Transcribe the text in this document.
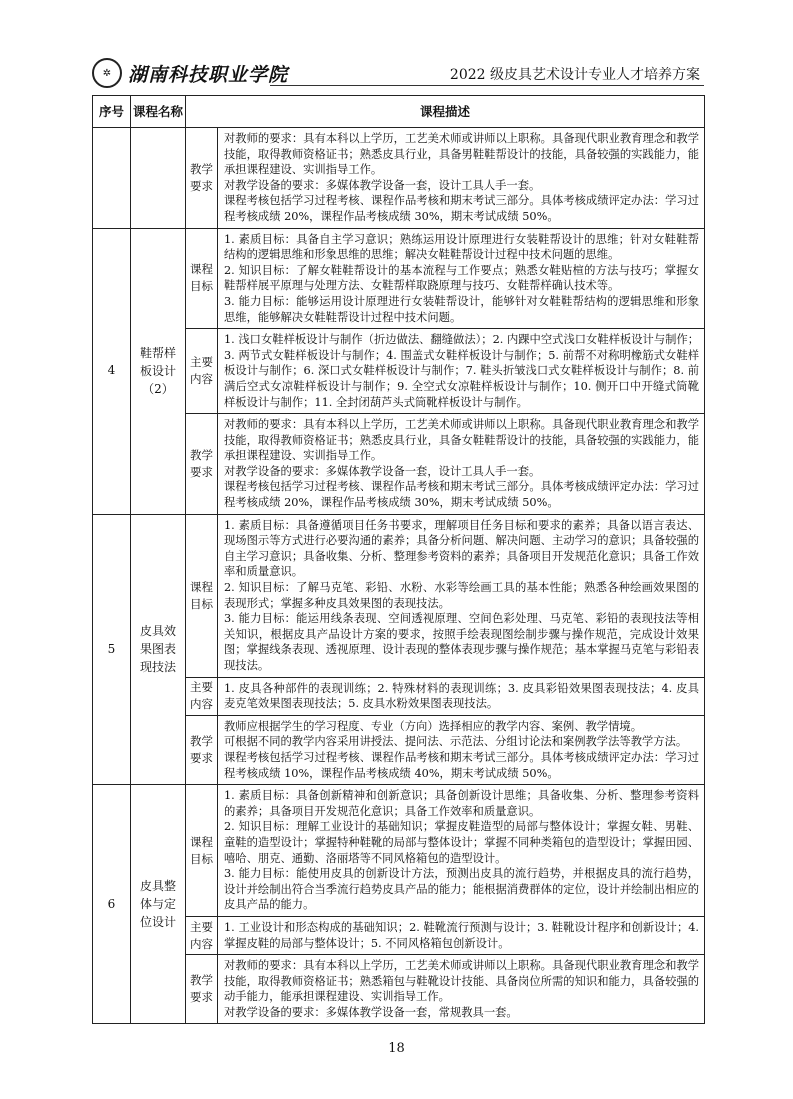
✲ 湖南科技职业学院	2022 级皮具艺术设计专业人才培养方案
序号	课程名称	课程描述	
		教学要求	对教师的要求：具有本科以上学历，工艺美术师或讲师以上职称。具备现代职业教育理念和教学技能，取得教师资格证书；熟悉皮具行业，具备男鞋鞋帮设计的技能，具备较强的实践能力，能承担课程建设、实训指导工作。

对教学设备的要求：多媒体教学设备一套，设计工具人手一套。

课程考核包括学习过程考核、课程作品考核和期末考试三部分。具体考核成绩评定办法：学习过程考核成绩 20%，课程作品考核成绩 30%，期末考试成绩 50%。

4	鞋帮样板设计（2）	课程目标	1. 素质目标：具备自主学习意识；熟练运用设计原理进行女装鞋帮设计的思维；针对女鞋鞋帮结构的逻辑思维和形象思维的思维；解决女鞋鞋帮设计过程中技术问题的思维。

2. 知识目标：了解女鞋鞋帮设计的基本流程与工作要点；熟悉女鞋贴楦的方法与技巧；掌握女鞋帮样展平原理与处理方法、女鞋帮样取跷原理与技巧、女鞋帮样确认技术等。

3. 能力目标：能够运用设计原理进行女装鞋帮设计，能够针对女鞋鞋帮结构的逻辑思维和形象思维，能够解决女鞋鞋帮设计过程中技术问题。

		主要内容	1. 浅口女鞋样板设计与制作（折边做法、翻缝做法）；2. 内踝中空式浅口女鞋样板设计与制作；3. 两节式女鞋样板设计与制作；4. 围盖式女鞋样板设计与制作；5. 前帮不对称明橡筋式女鞋样板设计与制作；6. 深口式女鞋样板设计与制作；7. 鞋头折皱浅口式女鞋样板设计与制作；8. 前满后空式女凉鞋样板设计与制作；9. 全空式女凉鞋样板设计与制作；10. 侧开口中开缝式筒靴样板设计与制作；11. 全封闭葫芦头式筒靴样板设计与制作。

		教学要求	对教师的要求：具有本科以上学历，工艺美术师或讲师以上职称。具备现代职业教育理念和教学技能，取得教师资格证书；熟悉皮具行业，具备女鞋鞋帮设计的技能，具备较强的实践能力，能承担课程建设、实训指导工作。

对教学设备的要求：多媒体教学设备一套，设计工具人手一套。

课程考核包括学习过程考核、课程作品考核和期末考试三部分。具体考核成绩评定办法：学习过程考核成绩 20%，课程作品考核成绩 30%，期末考试成绩 50%。

5	皮具效果图表现技法	课程目标	1. 素质目标：具备遵循项目任务书要求，理解项目任务目标和要求的素养；具备以语言表达、现场图示等方式进行必要沟通的素养；具备分析问题、解决问题、主动学习的意识；具备较强的自主学习意识；具备收集、分析、整理参考资料的素养；具备项目开发规范化意识；具备工作效率和质量意识。

2. 知识目标：了解马克笔、彩铅、水粉、水彩等绘画工具的基本性能；熟悉各种绘画效果图的表现形式；掌握多种皮具效果图的表现技法。

3. 能力目标：能运用线条表现、空间透视原理、空间色彩处理、马克笔、彩铅的表现技法等相关知识，根据皮具产品设计方案的要求，按照手绘表现图绘制步骤与操作规范，完成设计效果图；掌握线条表现、透视原理、设计表现的整体表现步骤与操作规范；基本掌握马克笔与彩铅表现技法。

		主要内容	1. 皮具各种部件的表现训练；2. 特殊材料的表现训练；3. 皮具彩铅效果图表现技法；4. 皮具麦克笔效果图表现技法；5. 皮具水粉效果图表现技法。

		教学要求	教师应根据学生的学习程度、专业（方向）选择相应的教学内容、案例、教学情境。

可根据不同的教学内容采用讲授法、提问法、示范法、分组讨论法和案例教学法等教学方法。

课程考核包括学习过程考核、课程作品考核和期末考试三部分。具体考核成绩评定办法：学习过程考核成绩 10%，课程作品考核成绩 40%，期末考试成绩 50%。

6	皮具整体与定位设计	课程目标	1. 素质目标：具备创新精神和创新意识；具备创新设计思维；具备收集、分析、整理参考资料的素养；具备项目开发规范化意识；具备工作效率和质量意识。

2. 知识目标：理解工业设计的基础知识；掌握皮鞋造型的局部与整体设计；掌握女鞋、男鞋、童鞋的造型设计；掌握特种鞋靴的局部与整体设计；掌握不同种类箱包的造型设计；掌握田园、嘻哈、朋克、通勤、洛丽塔等不同风格箱包的造型设计。

3. 能力目标：能使用皮具的创新设计方法，预测出皮具的流行趋势，并根据皮具的流行趋势，设计并绘制出符合当季流行趋势皮具产品的能力；能根据消费群体的定位，设计并绘制出相应的皮具产品的能力。

		主要内容	1. 工业设计和形态构成的基础知识；2. 鞋靴流行预测与设计；3. 鞋靴设计程序和创新设计；4. 掌握皮鞋的局部与整体设计；5. 不同风格箱包创新设计。

		教学要求	对教师的要求：具有本科以上学历，工艺美术师或讲师以上职称。具备现代职业教育理念和教学技能，取得教师资格证书；熟悉箱包与鞋靴设计技能、具备岗位所需的知识和能力，具备较强的动手能力，能承担课程建设、实训指导工作。

对教学设备的要求：多媒体教学设备一套，常规教具一套。

18
